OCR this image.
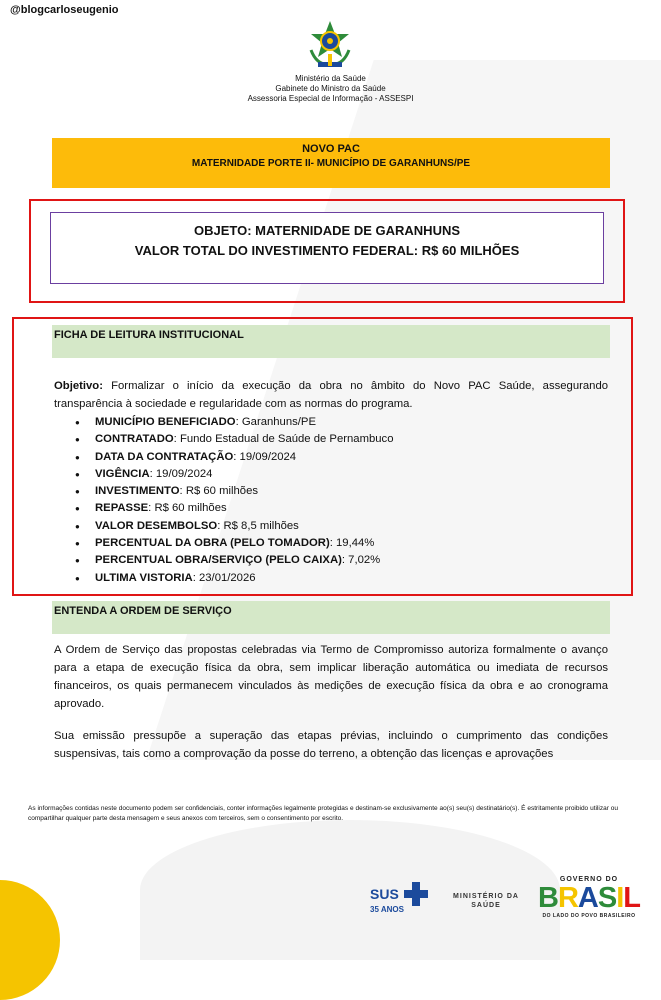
@blogcarloseugenio
Ministério da Saúde
Gabinete do Ministro da Saúde
Assessoria Especial de Informação - ASSESPI
NOVO PAC
MATERNIDADE PORTE II- MUNICÍPIO DE GARANHUNS/PE
OBJETO: MATERNIDADE DE GARANHUNS
VALOR TOTAL DO INVESTIMENTO FEDERAL: R$ 60 MILHÕES
FICHA DE LEITURA INSTITUCIONAL
Objetivo: Formalizar o início da execução da obra no âmbito do Novo PAC Saúde, assegurando transparência à sociedade e regularidade com as normas do programa.
● MUNICÍPIO BENEFICIADO: Garanhuns/PE
● CONTRATADO: Fundo Estadual de Saúde de Pernambuco
● DATA DA CONTRATAÇÃO: 19/09/2024
● VIGÊNCIA: 19/09/2024
● INVESTIMENTO: R$ 60 milhões
● REPASSE: R$ 60 milhões
● VALOR DESEMBOLSO: R$ 8,5 milhões
● PERCENTUAL DA OBRA (PELO TOMADOR): 19,44%
● PERCENTUAL OBRA/SERVIÇO (PELO CAIXA): 7,02%
● ULTIMA VISTORIA: 23/01/2026
ENTENDA A ORDEM DE SERVIÇO

A Ordem de Serviço das propostas celebradas via Termo de Compromisso autoriza formalmente o avanço para a etapa de execução física da obra, sem implicar liberação automática ou imediata de recursos financeiros, os quais permanecem vinculados às medições de execução física da obra e ao cronograma aprovado.

Sua emissão pressupõe a superação das etapas prévias, incluindo o cumprimento das condições suspensivas, tais como a comprovação da posse do terreno, a obtenção das licenças e aprovações

As informações contidas neste documento podem ser confidenciais, conter informações legalmente protegidas e destinam-se exclusivamente ao(s) seu(s) destinatário(s). É estritamente proibido utilizar ou compartilhar qualquer parte desta mensagem e seus anexos com terceiros, sem o consentimento por escrito.
SUS
35 ANOS
MINISTÉRIO DA
SAÚDE
GOVERNO DO
BRASIL
DO LADO DO POVO BRASILEIRO
